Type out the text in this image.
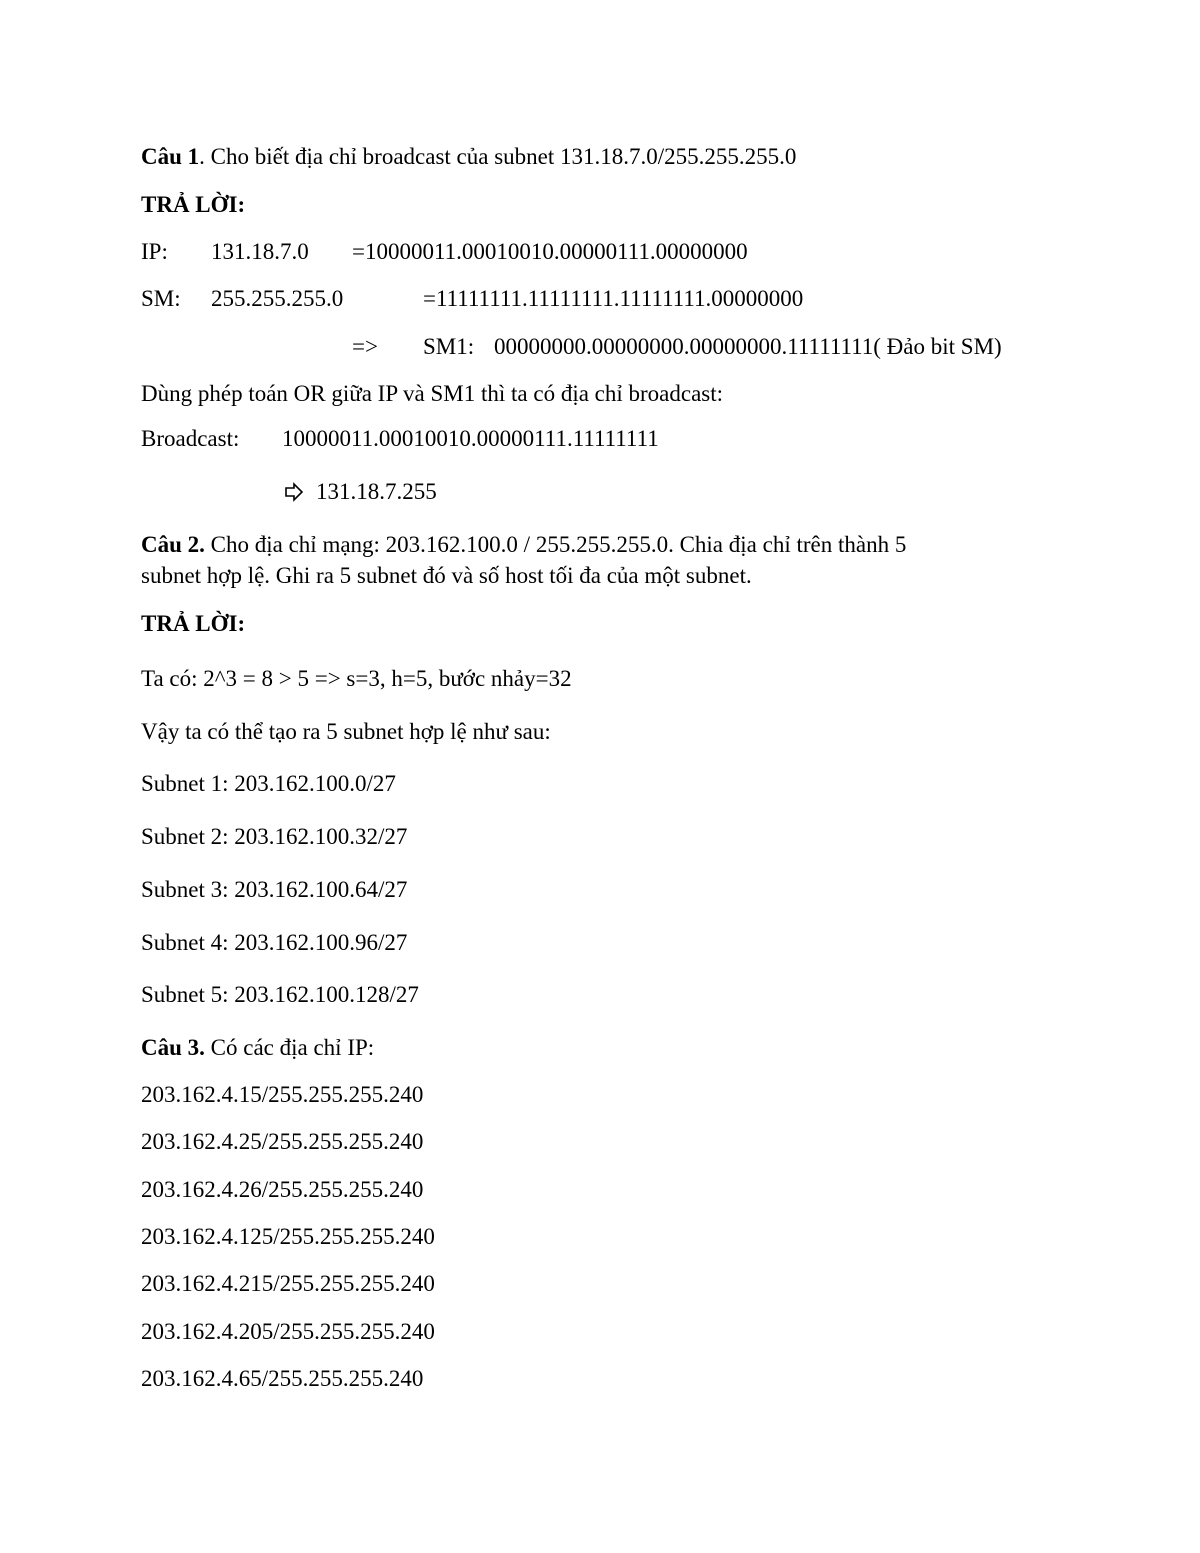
Câu 1. Cho biết địa chỉ broadcast của subnet 131.18.7.0/255.255.255.0
TRẢ LỜI:
IP: 131.18.7.0 =10000011.00010010.00000111.00000000
SM: 255.255.255.0	=11111111.11111111.11111111.00000000
=> SM1: 00000000.00000000.00000000.11111111( Đảo bit SM)
Dùng phép toán OR giữa IP và SM1 thì ta có địa chỉ broadcast:
Broadcast: 10000011.00010010.00000111.11111111
131.18.7.255
Câu 2. Cho địa chỉ mạng: 203.162.100.0 / 255.255.255.0. Chia địa chỉ trên thành 5
subnet hợp lệ. Ghi ra 5 subnet đó và số host tối đa của một subnet.
TRẢ LỜI:
Ta có: 2^3 = 8 > 5 => s=3, h=5, bước nhảy=32
Vậy ta có thể tạo ra 5 subnet hợp lệ như sau:
Subnet 1: 203.162.100.0/27
Subnet 2: 203.162.100.32/27
Subnet 3: 203.162.100.64/27
Subnet 4: 203.162.100.96/27
Subnet 5: 203.162.100.128/27
Câu 3. Có các địa chỉ IP:
203.162.4.15/255.255.255.240
203.162.4.25/255.255.255.240
203.162.4.26/255.255.255.240
203.162.4.125/255.255.255.240
203.162.4.215/255.255.255.240
203.162.4.205/255.255.255.240
203.162.4.65/255.255.255.240
